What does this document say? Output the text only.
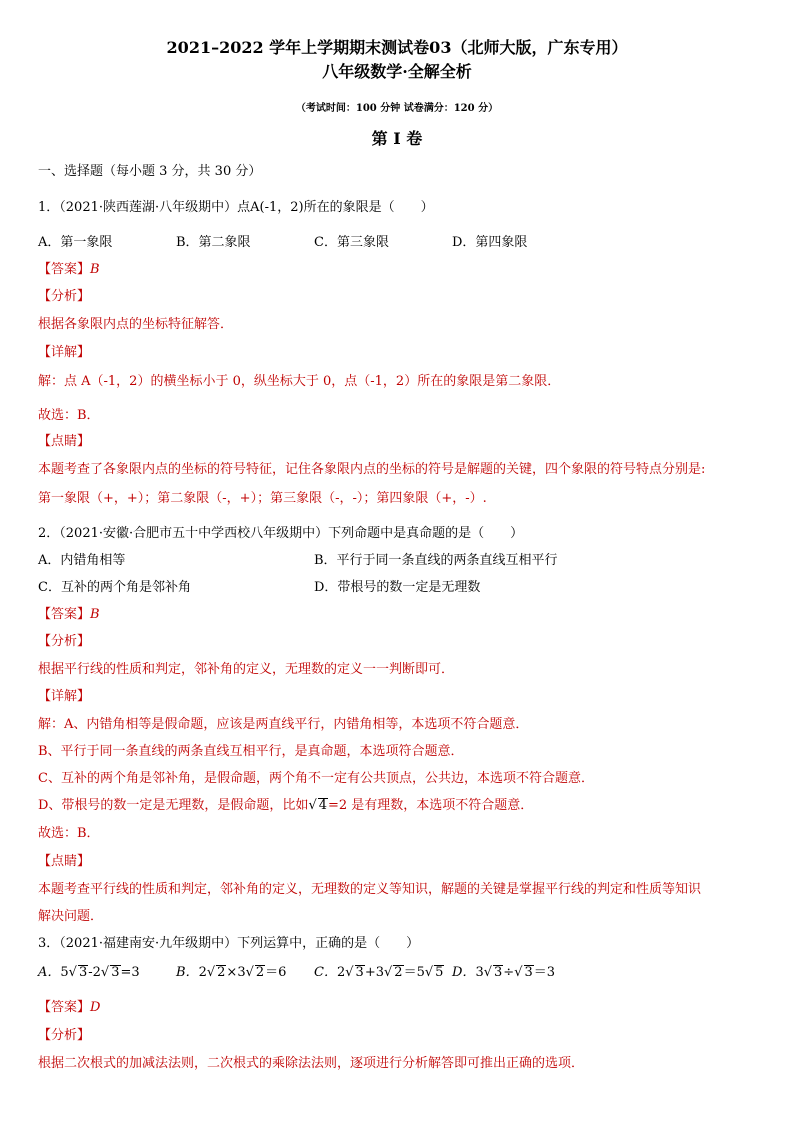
2021–2022 学年上学期期末测试卷03（北师大版，广东专用）
八年级数学·全解全析
（考试时间：100 分钟 试卷满分：120 分）
第 I 卷
一、选择题（每小题 3 分，共 30 分）
1．（2021·陕西莲湖·八年级期中）点A(-1，2)所在的象限是（　　）
A．第一象限	B．第二象限	C．第三象限	D．第四象限
【答案】B
【分析】
根据各象限内点的坐标特征解答．
【详解】
解：点 A（-1，2）的横坐标小于 0，纵坐标大于 0，点（-1，2）所在的象限是第二象限．
故选：B．
【点睛】
本题考查了各象限内点的坐标的符号特征，记住各象限内点的坐标的符号是解题的关键，四个象限的符号特点分别是:
第一象限（+，+）；第二象限（-，+）；第三象限（-，-）；第四象限（+，-）.
2．（2021·安徽·合肥市五十中学西校八年级期中）下列命题中是真命题的是（　　）
A．内错角相等	B．平行于同一条直线的两条直线互相平行
C．互补的两个角是邻补角	D．带根号的数一定是无理数
【答案】B
【分析】
根据平行线的性质和判定，邻补角的定义，无理数的定义一一判断即可．
【详解】
解：A、内错角相等是假命题，应该是两直线平行，内错角相等，本选项不符合题意．
B、平行于同一条直线的两条直线互相平行，是真命题，本选项符合题意．
C、互补的两个角是邻补角，是假命题，两个角不一定有公共顶点，公共边，本选项不符合题意．
D、带根号的数一定是无理数，是假命题，比如√ 4=2 是有理数，本选项不符合题意．
故选：B．
【点睛】
本题考查平行线的性质和判定，邻补角的定义，无理数的定义等知识，解题的关键是掌握平行线的判定和性质等知识
解决问题．
3．（2021·福建南安·九年级期中）下列运算中，正确的是（　　）
A．5√ 3-2√ 3=3	B．2√ 2×3√ 2＝6 C．2√ 3+3√ 2＝5√ 5 D．3√ 3÷√ 3＝3
【答案】D
【分析】
根据二次根式的加减法法则，二次根式的乘除法法则，逐项进行分析解答即可推出正确的选项．
